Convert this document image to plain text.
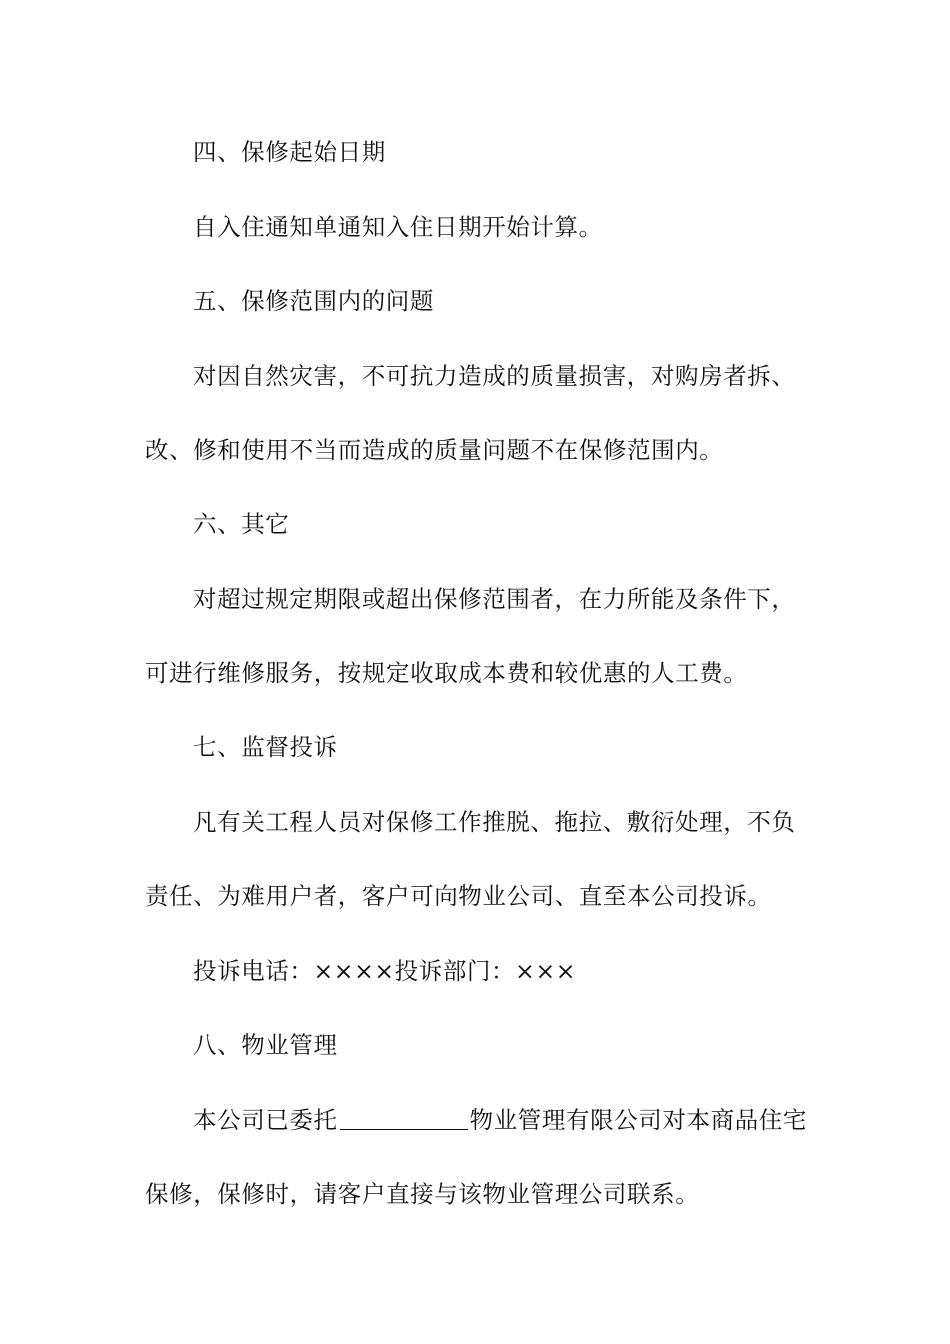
四、保修起始日期
自入住通知单通知入住日期开始计算。
五、保修范围内的问题
对因自然灾害，不可抗力造成的质量损害，对购房者拆、
改、修和使用不当而造成的质量问题不在保修范围内。
六、其它
对超过规定期限或超出保修范围者，在力所能及条件下，
可进行维修服务，按规定收取成本费和较优惠的人工费。
七、监督投诉
凡有关工程人员对保修工作推脱、拖拉、敷衍处理，不负
责任、为难用户者，客户可向物业公司、直至本公司投诉。
投诉电话：××××投诉部门：×××
八、物业管理
本公司已委托	物业管理有限公司对本商品住宅
保修，保修时，请客户直接与该物业管理公司联系。
